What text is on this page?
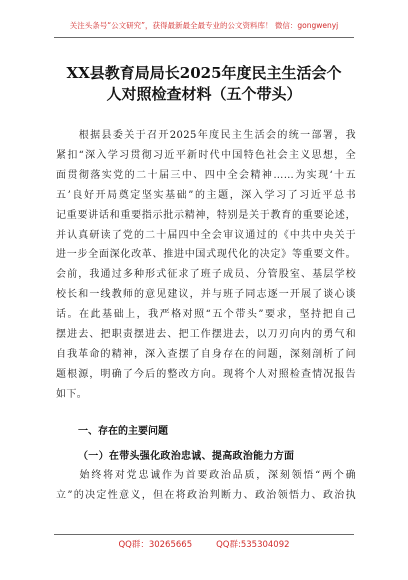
关注头条号“公文研究”，获得最新最全最专业的公文资料库！ 微信：gongwenyj
XX县教育局局长2025年度民主生活会个
人对照检查材料（五个带头）
　　根据县委关于召开2025年度民主生活会的统一部署，我
紧扣“深入学习贯彻习近平新时代中国特色社会主义思想，全
面贯彻落实党的二十届三中、四中全会精神……为实现‘十五
五’良好开局奠定坚实基础”的主题，深入学习了习近平总书
记重要讲话和重要指示批示精神，特别是关于教育的重要论述，
并认真研读了党的二十届四中全会审议通过的《中共中央关于
进一步全面深化改革、推进中国式现代化的决定》等重要文件。
会前，我通过多种形式征求了班子成员、分管股室、基层学校
校长和一线教师的意见建议，并与班子同志逐一开展了谈心谈
话。在此基础上，我严格对照“五个带头”要求，坚持把自己
摆进去、把职责摆进去、把工作摆进去，以刀刃向内的勇气和
自我革命的精神，深入查摆了自身存在的问题，深刻剖析了问
题根源，明确了今后的整改方向。现将个人对照检查情况报告
如下。
一、存在的主要问题
（一）在带头强化政治忠诚、提高政治能力方面
　　始终将对党忠诚作为首要政治品质，深刻领悟“两个确
立”的决定性意义，但在将政治判断力、政治领悟力、政治执
QQ群：30265665	QQ群:535304092
